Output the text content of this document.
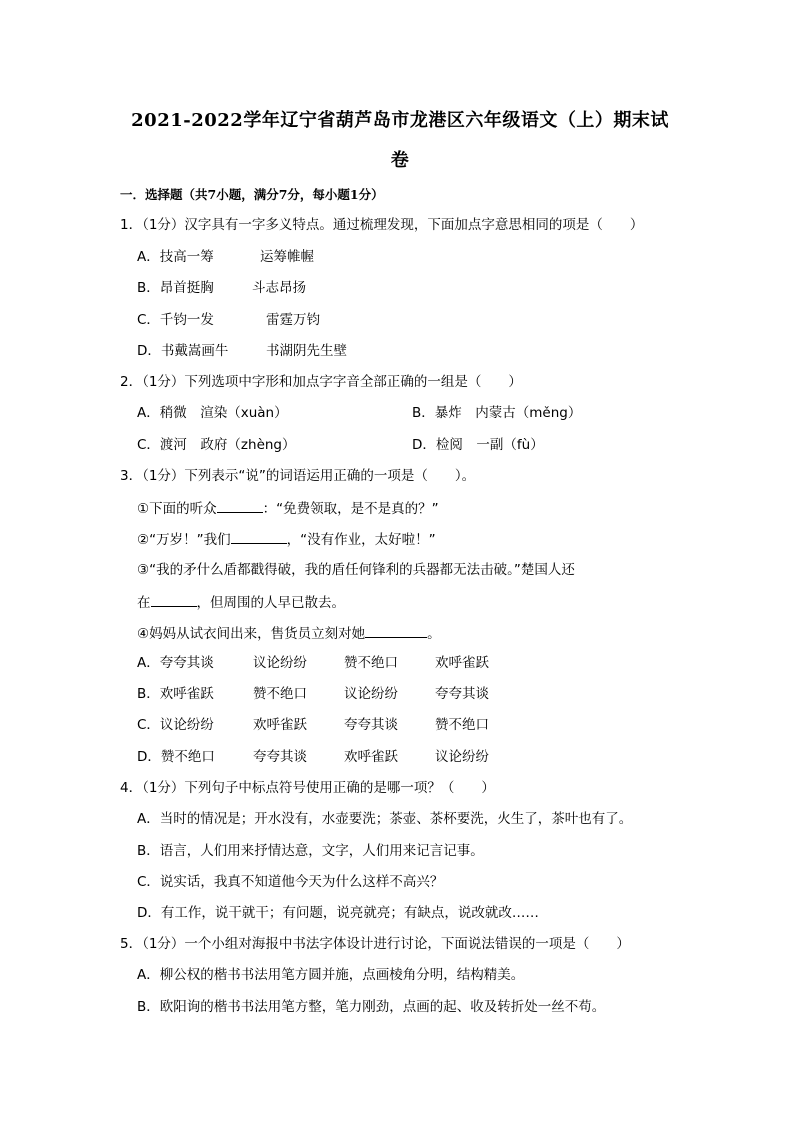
2021-2022学年辽宁省葫芦岛市龙港区六年级语文（上）期末试
卷
一．选择题（共7小题，满分7分，每小题1分）
1．（1分）汉字具有一字多义特点。通过梳理发现，下面加点字意思相同的项是（　　）
A．技高一筹	运筹帷幄
B．昂首挺胸	斗志昂扬
C．千钧一发	雷霆万钧
D．书戴嵩画牛	书湖阴先生壁
2．（1分）下列选项中字形和加点字字音全部正确的一组是（　　）
A．稍微　渲染（xuàn）	B．暴炸　内蒙古（měng）
C．渡河　政府（zhèng）	D．检阅　一副（fù）
3．（1分）下列表示“说”的词语运用正确的一项是（　　）。
①下面的听众	：“免费领取，是不是真的？”
②“万岁！”我们	，“没有作业，太好啦！”
③“我的矛什么盾都戳得破，我的盾任何锋利的兵器都无法击破。”楚国人还
在	，但周围的人早已散去。
④妈妈从试衣间出来，售货员立刻对她	。
A．夸夸其谈	议论纷纷	赞不绝口	欢呼雀跃
B．欢呼雀跃	赞不绝口	议论纷纷	夸夸其谈
C．议论纷纷	欢呼雀跃	夸夸其谈	赞不绝口
D．赞不绝口	夸夸其谈	欢呼雀跃	议论纷纷
4．（1分）下列句子中标点符号使用正确的是哪一项？（　　）
A．当时的情况是；开水没有，水壶要洗；茶壶、茶杯要洗，火生了，茶叶也有了。
B．语言，人们用来抒情达意，文字，人们用来记言记事。
C．说实话，我真不知道他今天为什么这样不高兴？
D．有工作，说干就干；有问题，说亮就亮；有缺点，说改就改……
5．（1分）一个小组对海报中书法字体设计进行讨论，下面说法错误的一项是（　　）
A．柳公权的楷书书法用笔方圆并施，点画棱角分明，结构精美。
B．欧阳询的楷书书法用笔方整，笔力刚劲，点画的起、收及转折处一丝不苟。
